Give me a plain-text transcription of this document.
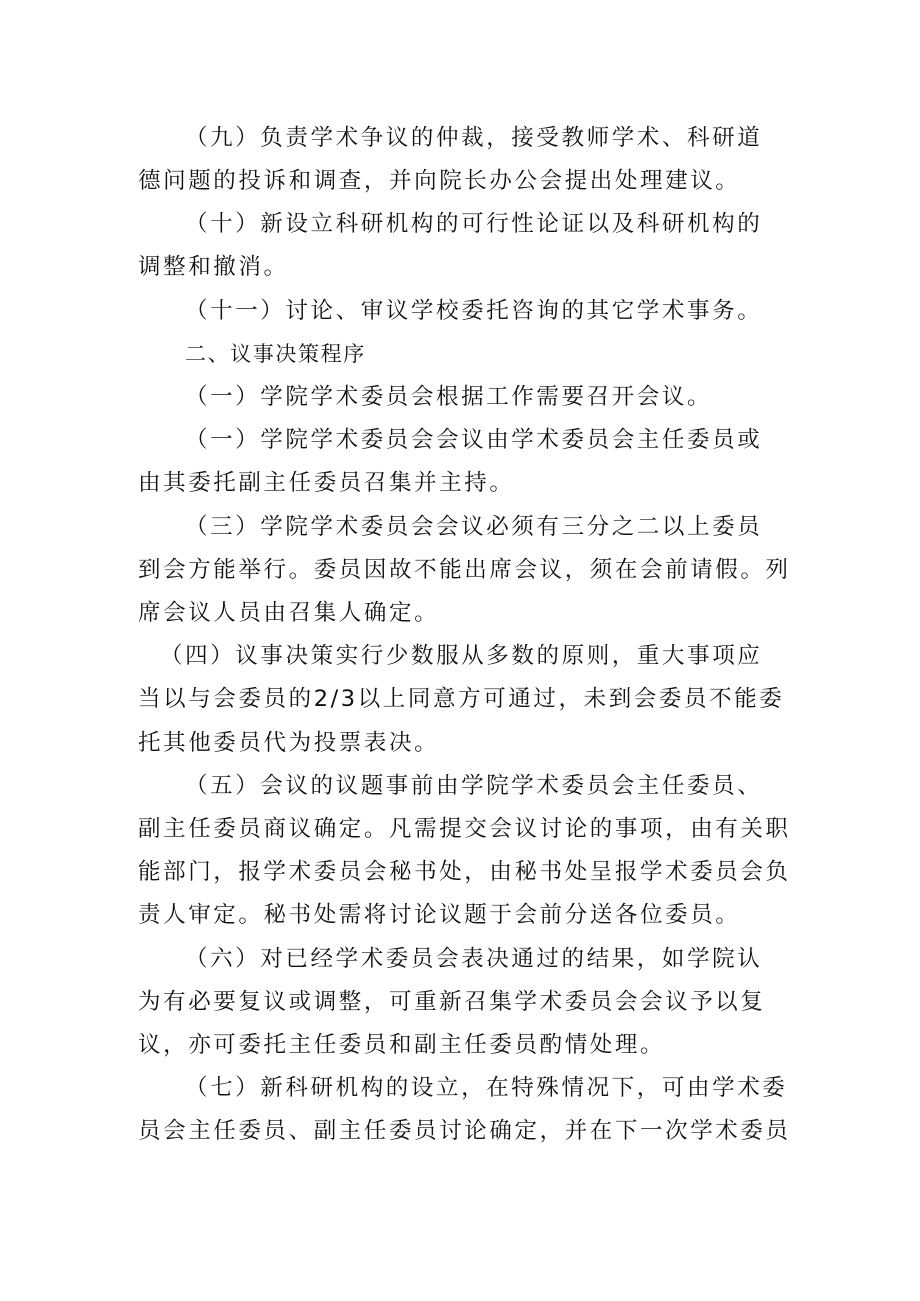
（九）负责学术争议的仲裁，接受教师学术、科研道
德问题的投诉和调查，并向院长办公会提出处理建议。
（十）新设立科研机构的可行性论证以及科研机构的
调整和撤消。
（十一）讨论、审议学校委托咨询的其它学术事务。
二、议事决策程序
（一）学院学术委员会根据工作需要召开会议。
（一）学院学术委员会会议由学术委员会主任委员或
由其委托副主任委员召集并主持。
（三）学院学术委员会会议必须有三分之二以上委员
到会方能举行。委员因故不能出席会议，须在会前请假。列
席会议人员由召集人确定。
（四）议事决策实行少数服从多数的原则，重大事项应
当以与会委员的2/3以上同意方可通过，未到会委员不能委
托其他委员代为投票表决。
（五）会议的议题事前由学院学术委员会主任委员、
副主任委员商议确定。凡需提交会议讨论的事项，由有关职
能部门，报学术委员会秘书处，由秘书处呈报学术委员会负
责人审定。秘书处需将讨论议题于会前分送各位委员。
（六）对已经学术委员会表决通过的结果，如学院认
为有必要复议或调整，可重新召集学术委员会会议予以复
议，亦可委托主任委员和副主任委员酌情处理。
（七）新科研机构的设立，在特殊情况下，可由学术委
员会主任委员、副主任委员讨论确定，并在下一次学术委员
